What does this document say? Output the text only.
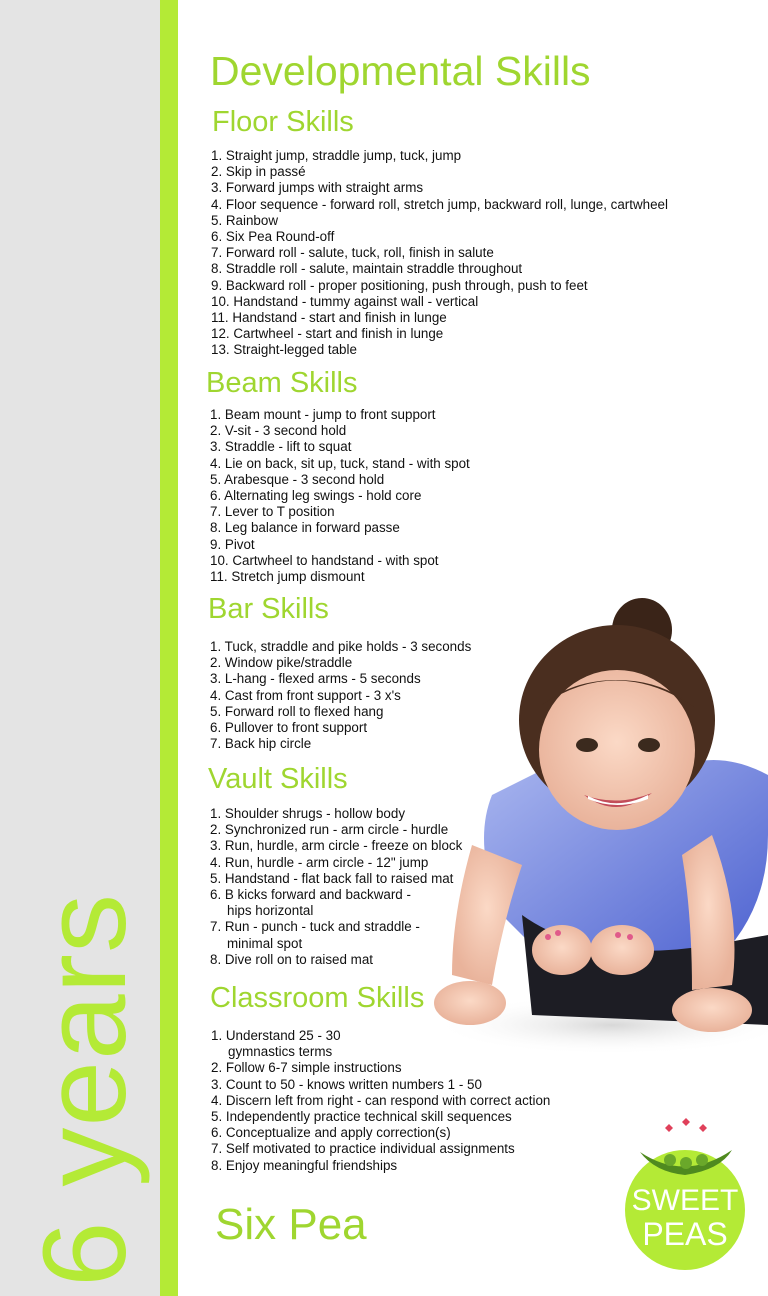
6 years
Developmental Skills
Floor Skills
1. Straight jump, straddle jump, tuck, jump
2. Skip in passé
3. Forward jumps with straight arms
4. Floor sequence - forward roll, stretch jump, backward roll, lunge, cartwheel
5. Rainbow
6. Six Pea Round-off
7. Forward roll - salute, tuck, roll, finish in salute
8. Straddle roll - salute, maintain straddle throughout
9. Backward roll - proper positioning, push through, push to feet
10. Handstand - tummy against wall - vertical
11. Handstand - start and finish in lunge
12. Cartwheel - start and finish in lunge
13. Straight-legged table
Beam Skills
1. Beam mount - jump to front support
2. V-sit - 3 second hold
3. Straddle - lift to squat
4. Lie on back, sit up, tuck, stand - with spot
5. Arabesque - 3 second hold
6. Alternating leg swings - hold core
7. Lever to T position
8. Leg balance in forward passe
9. Pivot
10. Cartwheel to handstand - with spot
11. Stretch jump dismount
Bar Skills
1. Tuck, straddle and pike holds - 3 seconds
2. Window pike/straddle
3. L-hang - flexed arms - 5 seconds
4. Cast from front support - 3 x's
5. Forward roll to flexed hang
6. Pullover to front support
7. Back hip circle
Vault Skills
1. Shoulder shrugs - hollow body
2. Synchronized run - arm circle - hurdle
3. Run, hurdle, arm circle - freeze on block
4. Run, hurdle - arm circle - 12" jump
5. Handstand - flat back fall to raised mat
6. B kicks forward and backward -
hips horizontal
7. Run - punch - tuck and straddle -
minimal spot
8. Dive roll on to raised mat
Classroom Skills
1. Understand 25 - 30
gymnastics terms
2. Follow 6-7 simple instructions
3. Count to 50 - knows written numbers 1 - 50
4. Discern left from right - can respond with correct action
5. Independently practice technical skill sequences
6. Conceptualize and apply correction(s)
7. Self motivated to practice individual assignments
8. Enjoy meaningful friendships
Six Pea	SWEET
PEAS
